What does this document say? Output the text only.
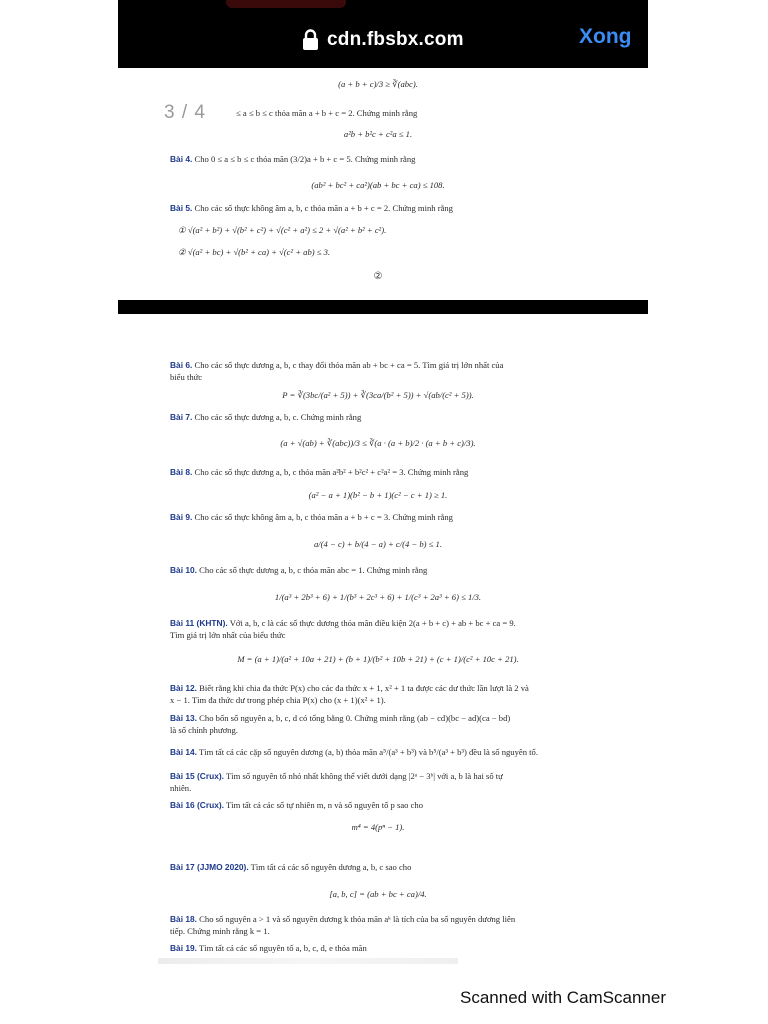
cdn.fbsbx.com	Xong
3 / 4
(a + b + c)/3 ≥ ∛(abc).
≤ a ≤ b ≤ c thỏa mãn a + b + c = 2. Chứng minh rằng
a²b + b²c + c²a ≤ 1.
Bài 4. Cho 0 ≤ a ≤ b ≤ c thỏa mãn (3/2)a + b + c = 5. Chứng minh rằng
(ab² + bc² + ca²)(ab + bc + ca) ≤ 108.
Bài 5. Cho các số thực không âm a, b, c thỏa mãn a + b + c = 2. Chứng minh rằng
① √(a² + b²) + √(b² + c²) + √(c² + a²) ≤ 2 + √(a² + b² + c²).
② √(a² + bc) + √(b² + ca) + √(c² + ab) ≤ 3.
②
Bài 6. Cho các số thực dương a, b, c thay đổi thỏa mãn ab + bc + ca = 5. Tìm giá trị lớn nhất của
biểu thức
P = ∛(3bc/(a² + 5)) + ∛(3ca/(b² + 5)) + √(ab/(c² + 5)).
Bài 7. Cho các số thực dương a, b, c. Chứng minh rằng
(a + √(ab) + ∛(abc))/3 ≤ ∛(a · (a + b)/2 · (a + b + c)/3).
Bài 8. Cho các số thực dương a, b, c thỏa mãn a²b² + b²c² + c²a² = 3. Chứng minh rằng
(a² − a + 1)(b² − b + 1)(c² − c + 1) ≥ 1.
Bài 9. Cho các số thực không âm a, b, c thỏa mãn a + b + c = 3. Chứng minh rằng
a/(4 − c) + b/(4 − a) + c/(4 − b) ≤ 1.
Bài 10. Cho các số thực dương a, b, c thỏa mãn abc = 1. Chứng minh rằng
1/(a³ + 2b³ + 6) + 1/(b³ + 2c³ + 6) + 1/(c³ + 2a³ + 6) ≤ 1/3.
Bài 11 (KHTN). Với a, b, c là các số thực dương thỏa mãn điều kiện 2(a + b + c) + ab + bc + ca = 9.
Tìm giá trị lớn nhất của biểu thức
M = (a + 1)/(a² + 10a + 21) + (b + 1)/(b² + 10b + 21) + (c + 1)/(c² + 10c + 21).
Bài 12. Biết rằng khi chia đa thức P(x) cho các đa thức x + 1, x² + 1 ta được các dư thức lần lượt là 2 và
x − 1. Tìm đa thức dư trong phép chia P(x) cho (x + 1)(x² + 1).
Bài 13. Cho bốn số nguyên a, b, c, d có tổng bằng 0. Chứng minh rằng (ab − cd)(bc − ad)(ca − bd)
là số chính phương.
Bài 14. Tìm tất cả các cặp số nguyên dương (a, b) thỏa mãn a⁵/(a³ + b³) và b⁵/(a³ + b³) đều là số nguyên tố.
Bài 15 (Crux). Tìm số nguyên tố nhỏ nhất không thể viết dưới dạng |2ᵃ − 3ᵇ| với a, b là hai số tự
nhiên.
Bài 16 (Crux). Tìm tất cả các số tự nhiên m, n và số nguyên tố p sao cho
m⁴ = 4(pⁿ − 1).
Bài 17 (JJMO 2020). Tìm tất cả các số nguyên dương a, b, c sao cho
[a, b, c] = (ab + bc + ca)/4.
Bài 18. Cho số nguyên a > 1 và số nguyên dương k thỏa mãn aᵏ là tích của ba số nguyên dương liên
tiếp. Chứng minh rằng k = 1.
Bài 19. Tìm tất cả các số nguyên tố a, b, c, d, e thỏa mãn
Scanned with CamScanner
